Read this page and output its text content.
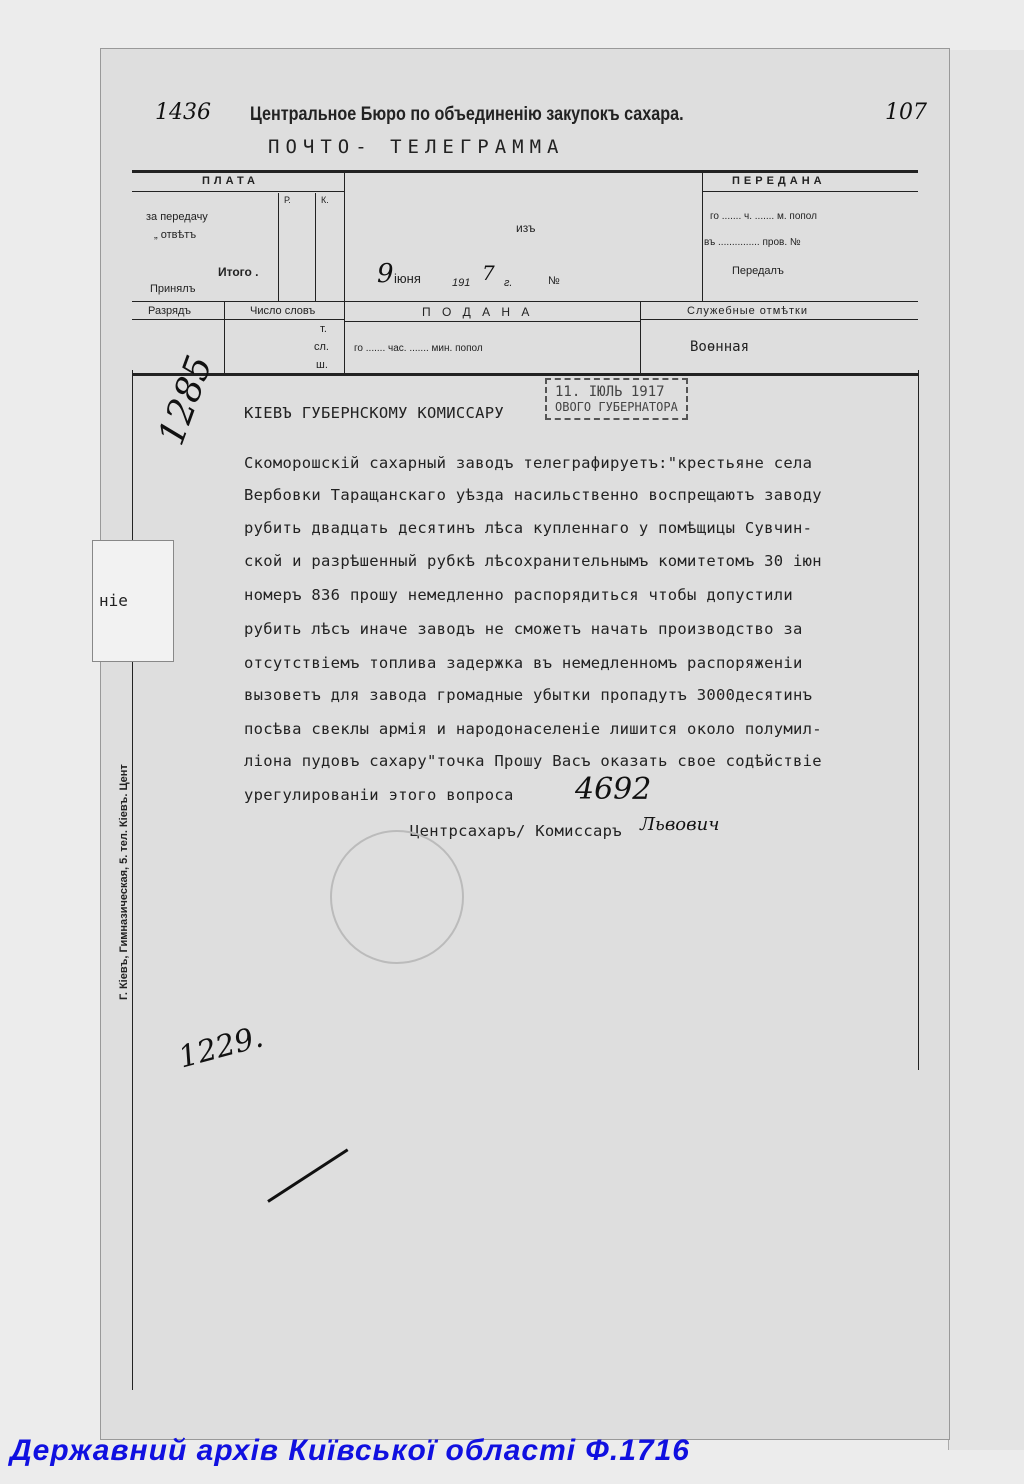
1436	107
Центральное Бюро по объединенію закупокъ сахара.
ПОЧТО- ТЕЛЕГРАММА
ПЛАТА
Р.	К.
за передачу
„ отвѣтъ
Итого .
Принялъ
Разрядъ	Число словъ
т.
сл.
ш.
изъ
9 іюня	191 7 г.	№
П О Д А Н А
го ....... час. ....... мин. попол
ПЕРЕДАНА
го ....... ч. ....... м. попол
въ ............... пров. №
Передалъ
Служебные отмѣтки
Воѳнная
11. ІЮЛЬ 1917
ОВОГО ГУБЕРНАТОРА
1285
ніе
Г. Кіевъ, Гимназическая, 5. тел. Кіевъ. Цент
КІЕВЪ ГУБЕРНСКОМУ КОМИССАРУ
Скоморошскій сахарный заводъ телеграфируетъ:"крестьяне села
Вербовки Таращанскаго уѣзда насильственно воспрещаютъ заводу
рубить двадцать десятинъ лѣса купленнаго у помѣщицы Сувчин-
ской и разрѣшенный рубкѣ лѣсохранительнымъ комитетомъ 30 іюн
номеръ 836 прошу немедленно распорядиться чтобы допустили
рубить лѣсъ иначе заводъ не сможетъ начать производство за
отсутствіемъ топлива задержка въ немедленномъ распоряженіи
вызоветъ для завода громадные убытки пропадутъ 3000десятинъ
посѣва свеклы армія и народонаселеніе лишится около полумил-
ліона пудовъ сахару"точка Прошу Васъ оказать свое содѣйствіе
урегулированіи этого вопроса 4692
Центрсахаръ/ Комиссаръ Львович
1229.
Державний архів Київської області Ф.1716
